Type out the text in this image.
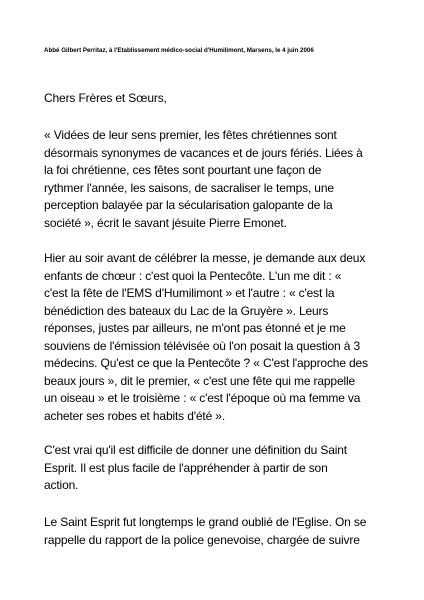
Abbé Gilbert Perritaz, à l'Etablissement médico-social d'Humilimont, Marsens, le 4 juin 2006
Chers Frères et Sœurs,
« Vidées de leur sens premier, les fêtes chrétiennes sont
désormais synonymes de vacances et de jours fériés. Liées à
la foi chrétienne, ces fêtes sont pourtant une façon de
rythmer l'année, les saisons, de sacraliser le temps, une
perception balayée par la sécularisation galopante de la
société », écrit le savant jésuite Pierre Emonet.
Hier au soir avant de célébrer la messe, je demande aux deux
enfants de chœur : c'est quoi la Pentecôte. L'un me dit : «
c'est la fête de l'EMS d'Humilimont » et l'autre : « c'est la
bénédiction des bateaux du Lac de la Gruyère ». Leurs
réponses, justes par ailleurs, ne m'ont pas étonné et je me
souviens de l'émission télévisée où l'on posait la question à 3
médecins. Qu'est ce que la Pentecôte ? « C'est l'approche des
beaux jours », dit le premier, « c'est une fête qui me rappelle
un oiseau » et le troisième : « c'est l'époque où ma femme va
acheter ses robes et habits d'été ».
C'est vrai qu'il est difficile de donner une définition du Saint
Esprit. Il est plus facile de l'appréhender à partir de son
action.
Le Saint Esprit fut longtemps le grand oublié de l'Eglise. On se
rappelle du rapport de la police genevoise, chargée de suivre
